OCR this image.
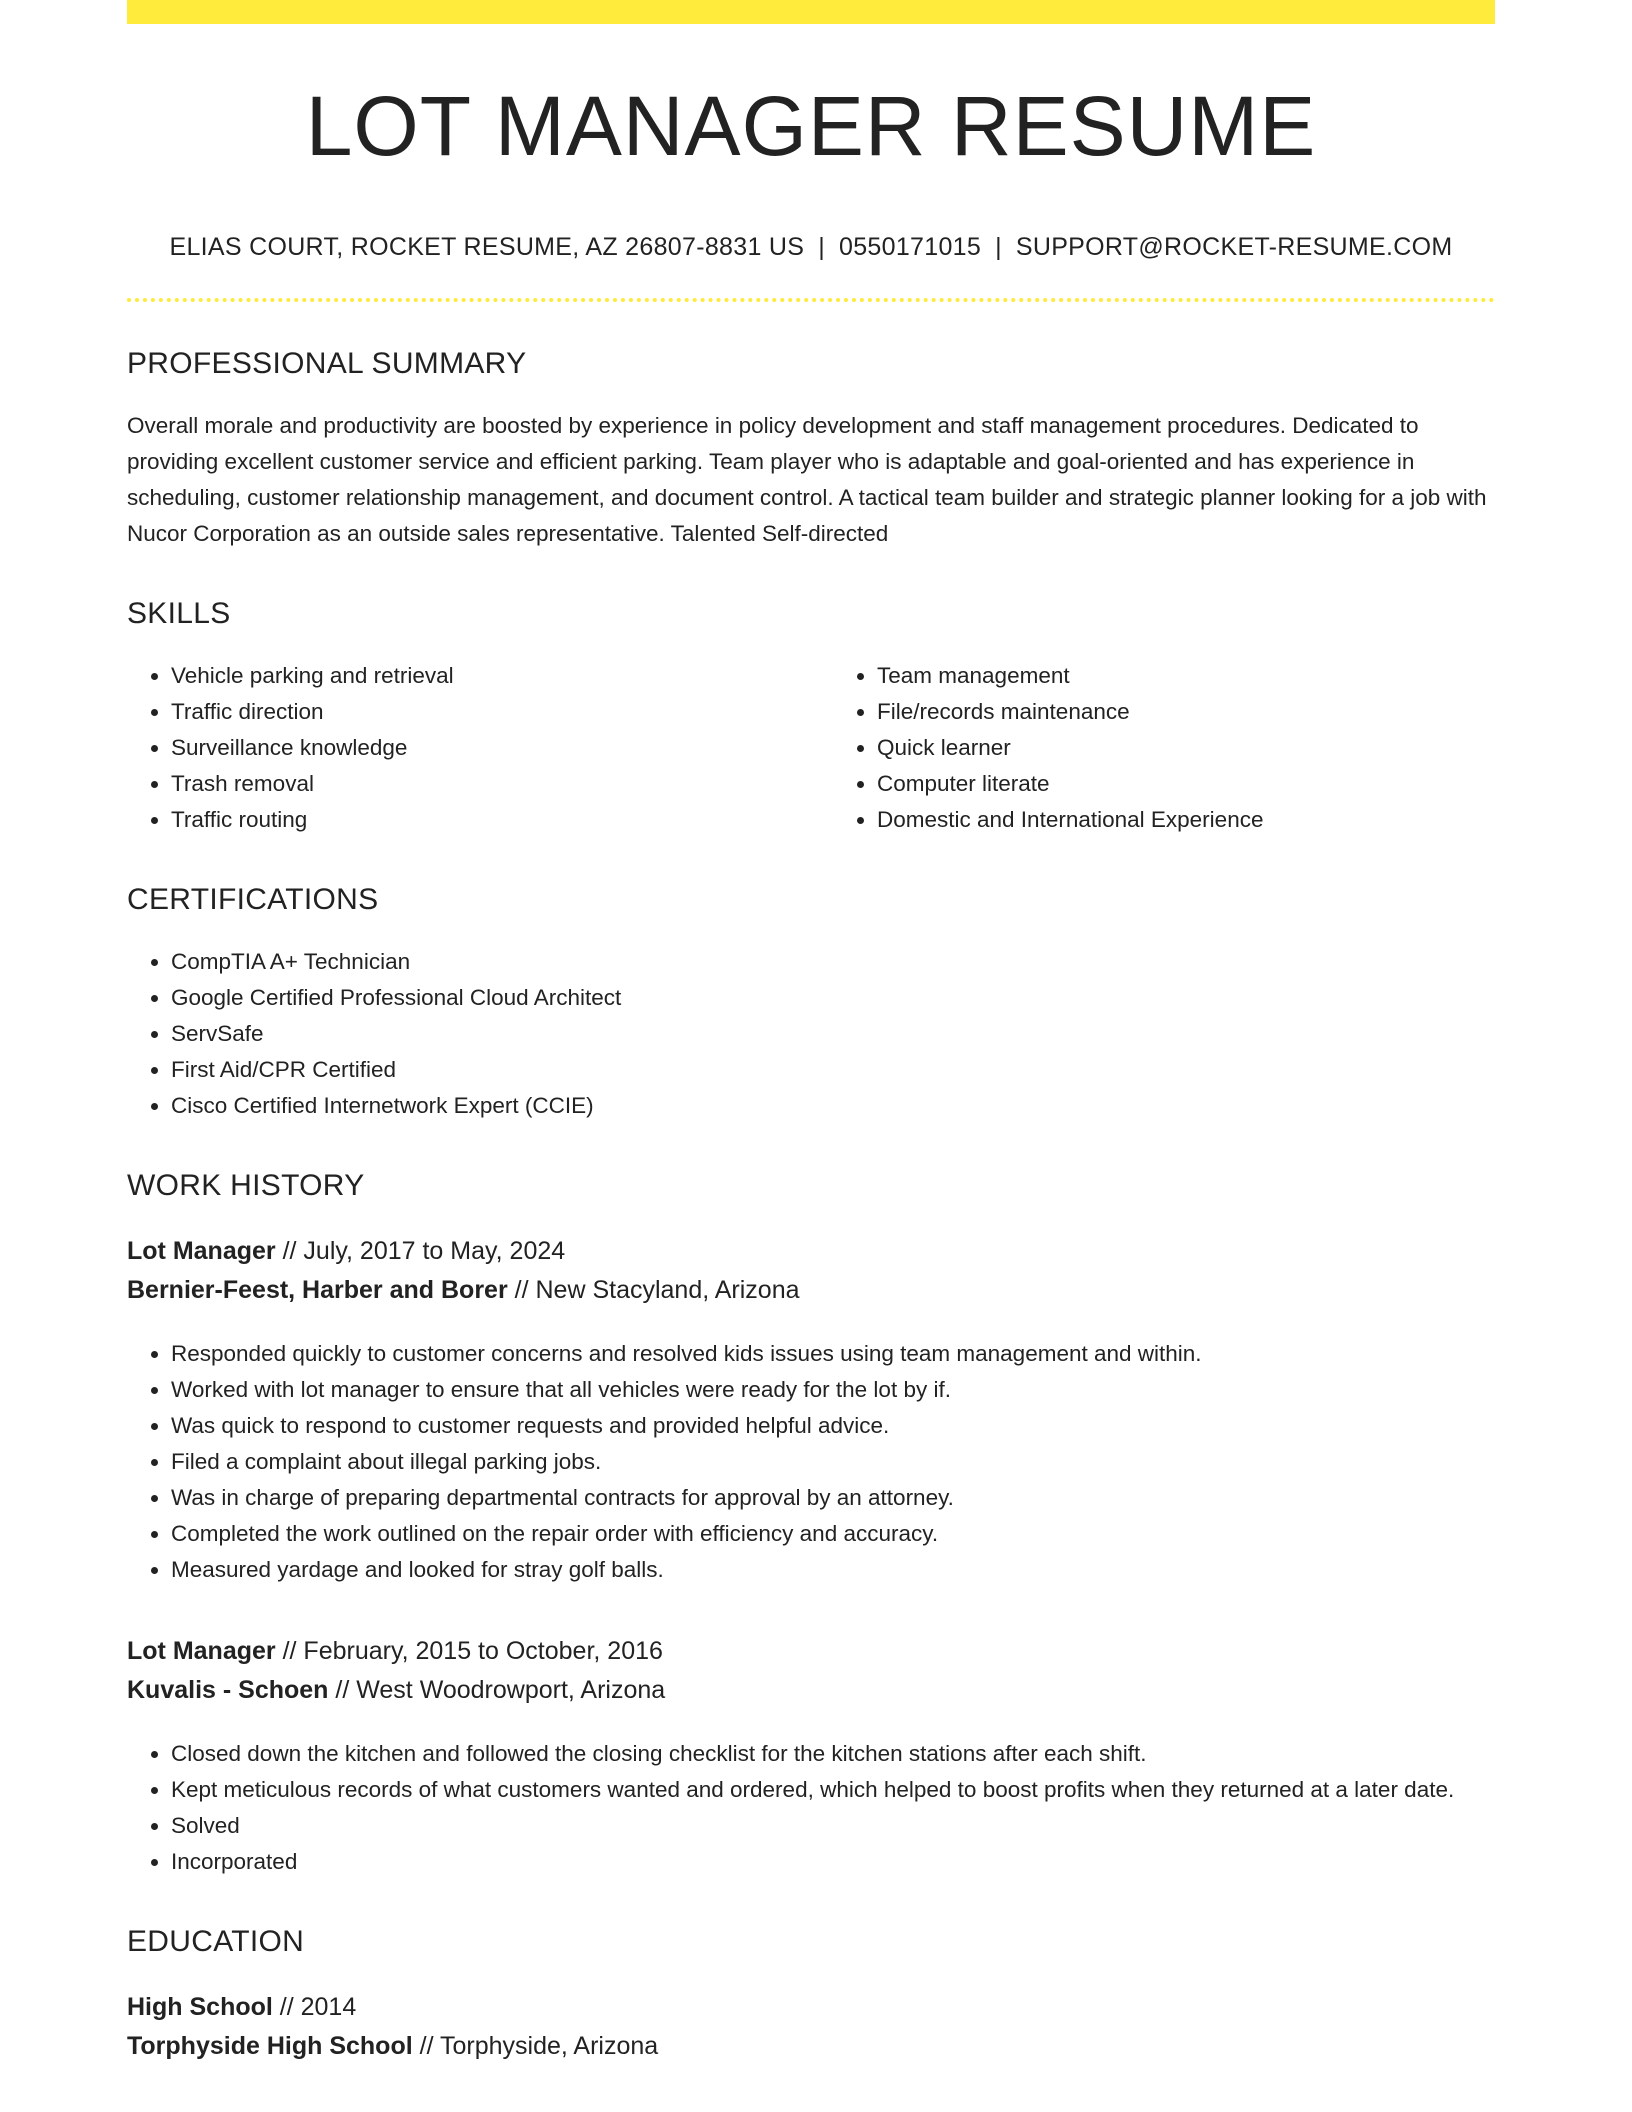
LOT MANAGER RESUME
ELIAS COURT, ROCKET RESUME, AZ 26807-8831 US | 0550171015 | SUPPORT@ROCKET-RESUME.COM
PROFESSIONAL SUMMARY
Overall morale and productivity are boosted by experience in policy development and staff management procedures. Dedicated to providing excellent customer service and efficient parking. Team player who is adaptable and goal-oriented and has experience in scheduling, customer relationship management, and document control. A tactical team builder and strategic planner looking for a job with Nucor Corporation as an outside sales representative. Talented Self-directed
SKILLS
• Vehicle parking and retrieval
• Traffic direction
• Surveillance knowledge
• Trash removal
• Traffic routing
• Team management
• File/records maintenance
• Quick learner
• Computer literate
• Domestic and International Experience
CERTIFICATIONS
• CompTIA A+ Technician
• Google Certified Professional Cloud Architect
• ServSafe
• First Aid/CPR Certified
• Cisco Certified Internetwork Expert (CCIE)
WORK HISTORY
Lot Manager // July, 2017 to May, 2024
Bernier-Feest, Harber and Borer // New Stacyland, Arizona
• Responded quickly to customer concerns and resolved kids issues using team management and within.
• Worked with lot manager to ensure that all vehicles were ready for the lot by if.
• Was quick to respond to customer requests and provided helpful advice.
• Filed a complaint about illegal parking jobs.
• Was in charge of preparing departmental contracts for approval by an attorney.
• Completed the work outlined on the repair order with efficiency and accuracy.
• Measured yardage and looked for stray golf balls.
Lot Manager // February, 2015 to October, 2016
Kuvalis - Schoen // West Woodrowport, Arizona
• Closed down the kitchen and followed the closing checklist for the kitchen stations after each shift.
• Kept meticulous records of what customers wanted and ordered, which helped to boost profits when they returned at a later date.
• Solved
• Incorporated
EDUCATION
High School // 2014
Torphyside High School // Torphyside, Arizona
